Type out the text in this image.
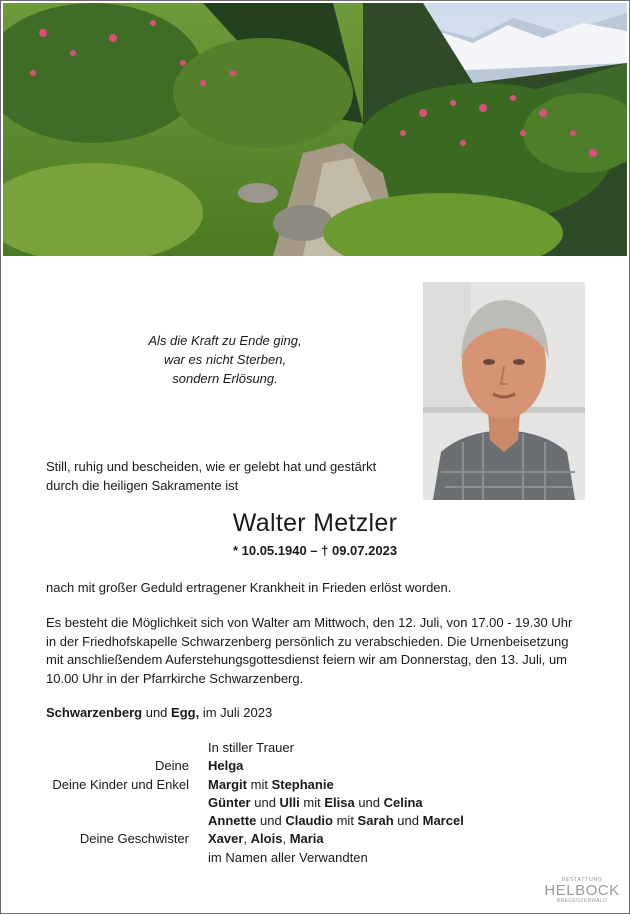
Als die Kraft zu Ende ging,
war es nicht Sterben,
sondern Erlösung.
Still, ruhig und bescheiden, wie er gelebt hat und gestärkt
durch die heiligen Sakramente ist
Walter Metzler
* 10.05.1940 – † 09.07.2023
nach mit großer Geduld ertragener Krankheit in Frieden erlöst worden.
Es besteht die Möglichkeit sich von Walter am Mittwoch, den 12. Juli, von 17.00 - 19.30 Uhr
in der Friedhofskapelle Schwarzenberg persönlich zu verabschieden. Die Urnenbeisetzung
mit anschließendem Auferstehungsgottesdienst feiern wir am Donnerstag, den 13. Juli, um
10.00 Uhr in der Pfarrkirche Schwarzenberg.
Schwarzenberg und Egg, im Juli 2023
In stiller Trauer
Deine Helga
Deine Kinder und Enkel Margit mit Stephanie
Günter und Ulli mit Elisa und Celina
Annette und Claudio mit Sarah und Marcel
Deine Geschwister Xaver, Alois, Maria
im Namen aller Verwandten
BESTATTUNG
HELBOCK
BREGENZERWALD
